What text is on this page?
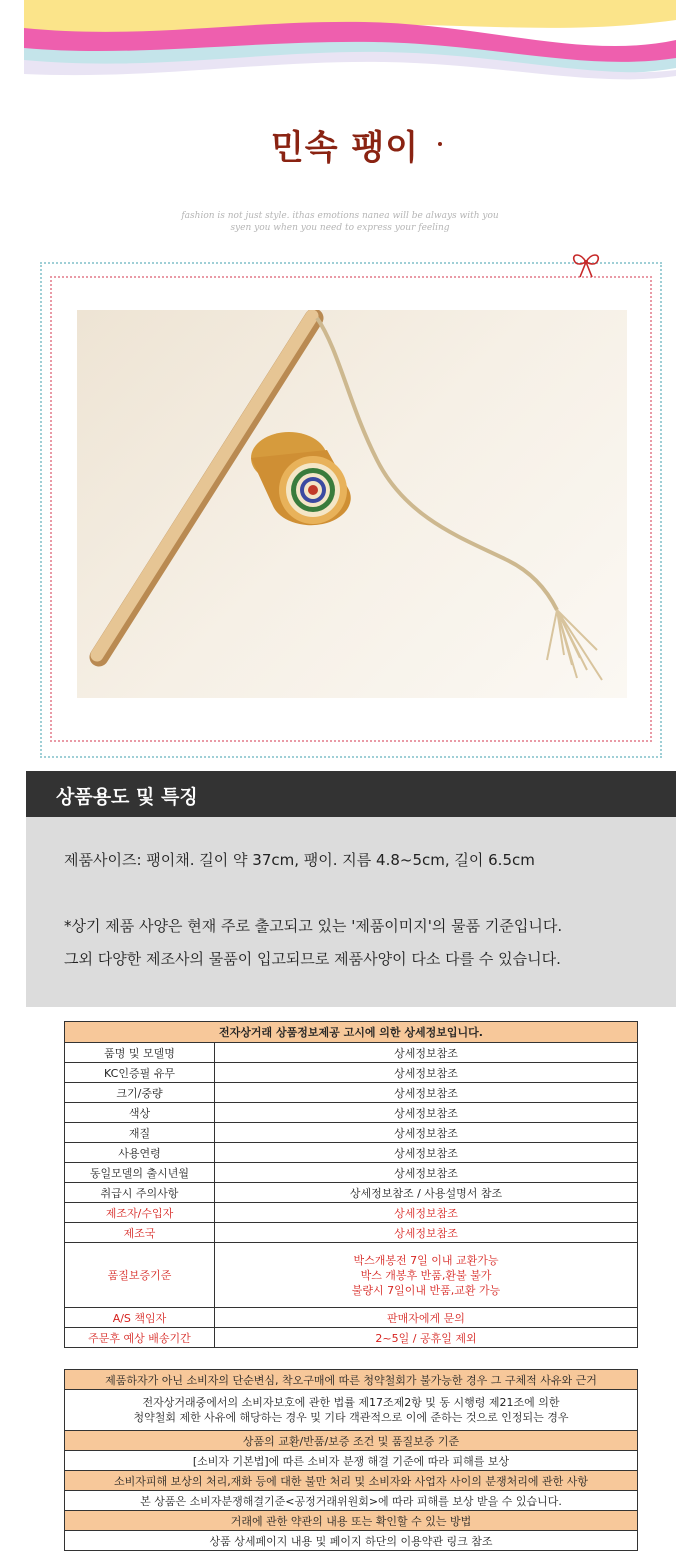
민속 팽이
fashion is not just style. ithas emotions nanea will be always with you
syen you when you need to express your feeling
상품용도 및 특징
제품사이즈: 팽이채. 길이 약 37cm, 팽이. 지름 4.8~5cm, 길이 6.5cm
*상기 제품 사양은 현재 주로 출고되고 있는 '제품이미지'의 물품 기준입니다.
그외 다양한 제조사의 물품이 입고되므로 제품사양이 다소 다를 수 있습니다.
전자상거래 상품정보제공 고시에 의한 상세정보입니다.	
품명 및 모델명	상세정보참조
KC인증필 유무	상세정보참조
크기/중량	상세정보참조
색상	상세정보참조
재질	상세정보참조
사용연령	상세정보참조
동일모델의 출시년월	상세정보참조
취급시 주의사항	상세정보참조 / 사용설명서 참조
제조자/수입자	상세정보참조
제조국	상세정보참조
품질보증기준	박스개봉전 7일 이내 교환가능
박스 개봉후 반품,환불 불가
불량시 7일이내 반품,교환 가능

A/S 책임자	판매자에게 문의
주문후 예상 배송기간	2~5일 / 공휴일 제외
제품하자가 아닌 소비자의 단순변심, 착오구매에 따른 청약철회가 불가능한 경우 그 구체적 사유와 근거

전자상거래중에서의 소비자보호에 관한 법률 제17조제2항 및 동 시행령 제21조에 의한
청약철회 제한 사유에 해당하는 경우 및 기타 객관적으로 이에 준하는 것으로 인정되는 경우

상품의 교환/반품/보증 조건 및 품질보증 기준
[소비자 기본법]에 따른 소비자 분쟁 해결 기준에 따라 피해를 보상
소비자피해 보상의 처리,재화 등에 대한 불만 처리 및 소비자와 사업자 사이의 분쟁처리에 관한 사항
본 상품은 소비자분쟁해결기준<공정거래위원회>에 따라 피해를 보상 받을 수 있습니다.
거래에 관한 약관의 내용 또는 확인할 수 있는 방법
상품 상세페이지 내용 및 페이지 하단의 이용약관 링크 참조
